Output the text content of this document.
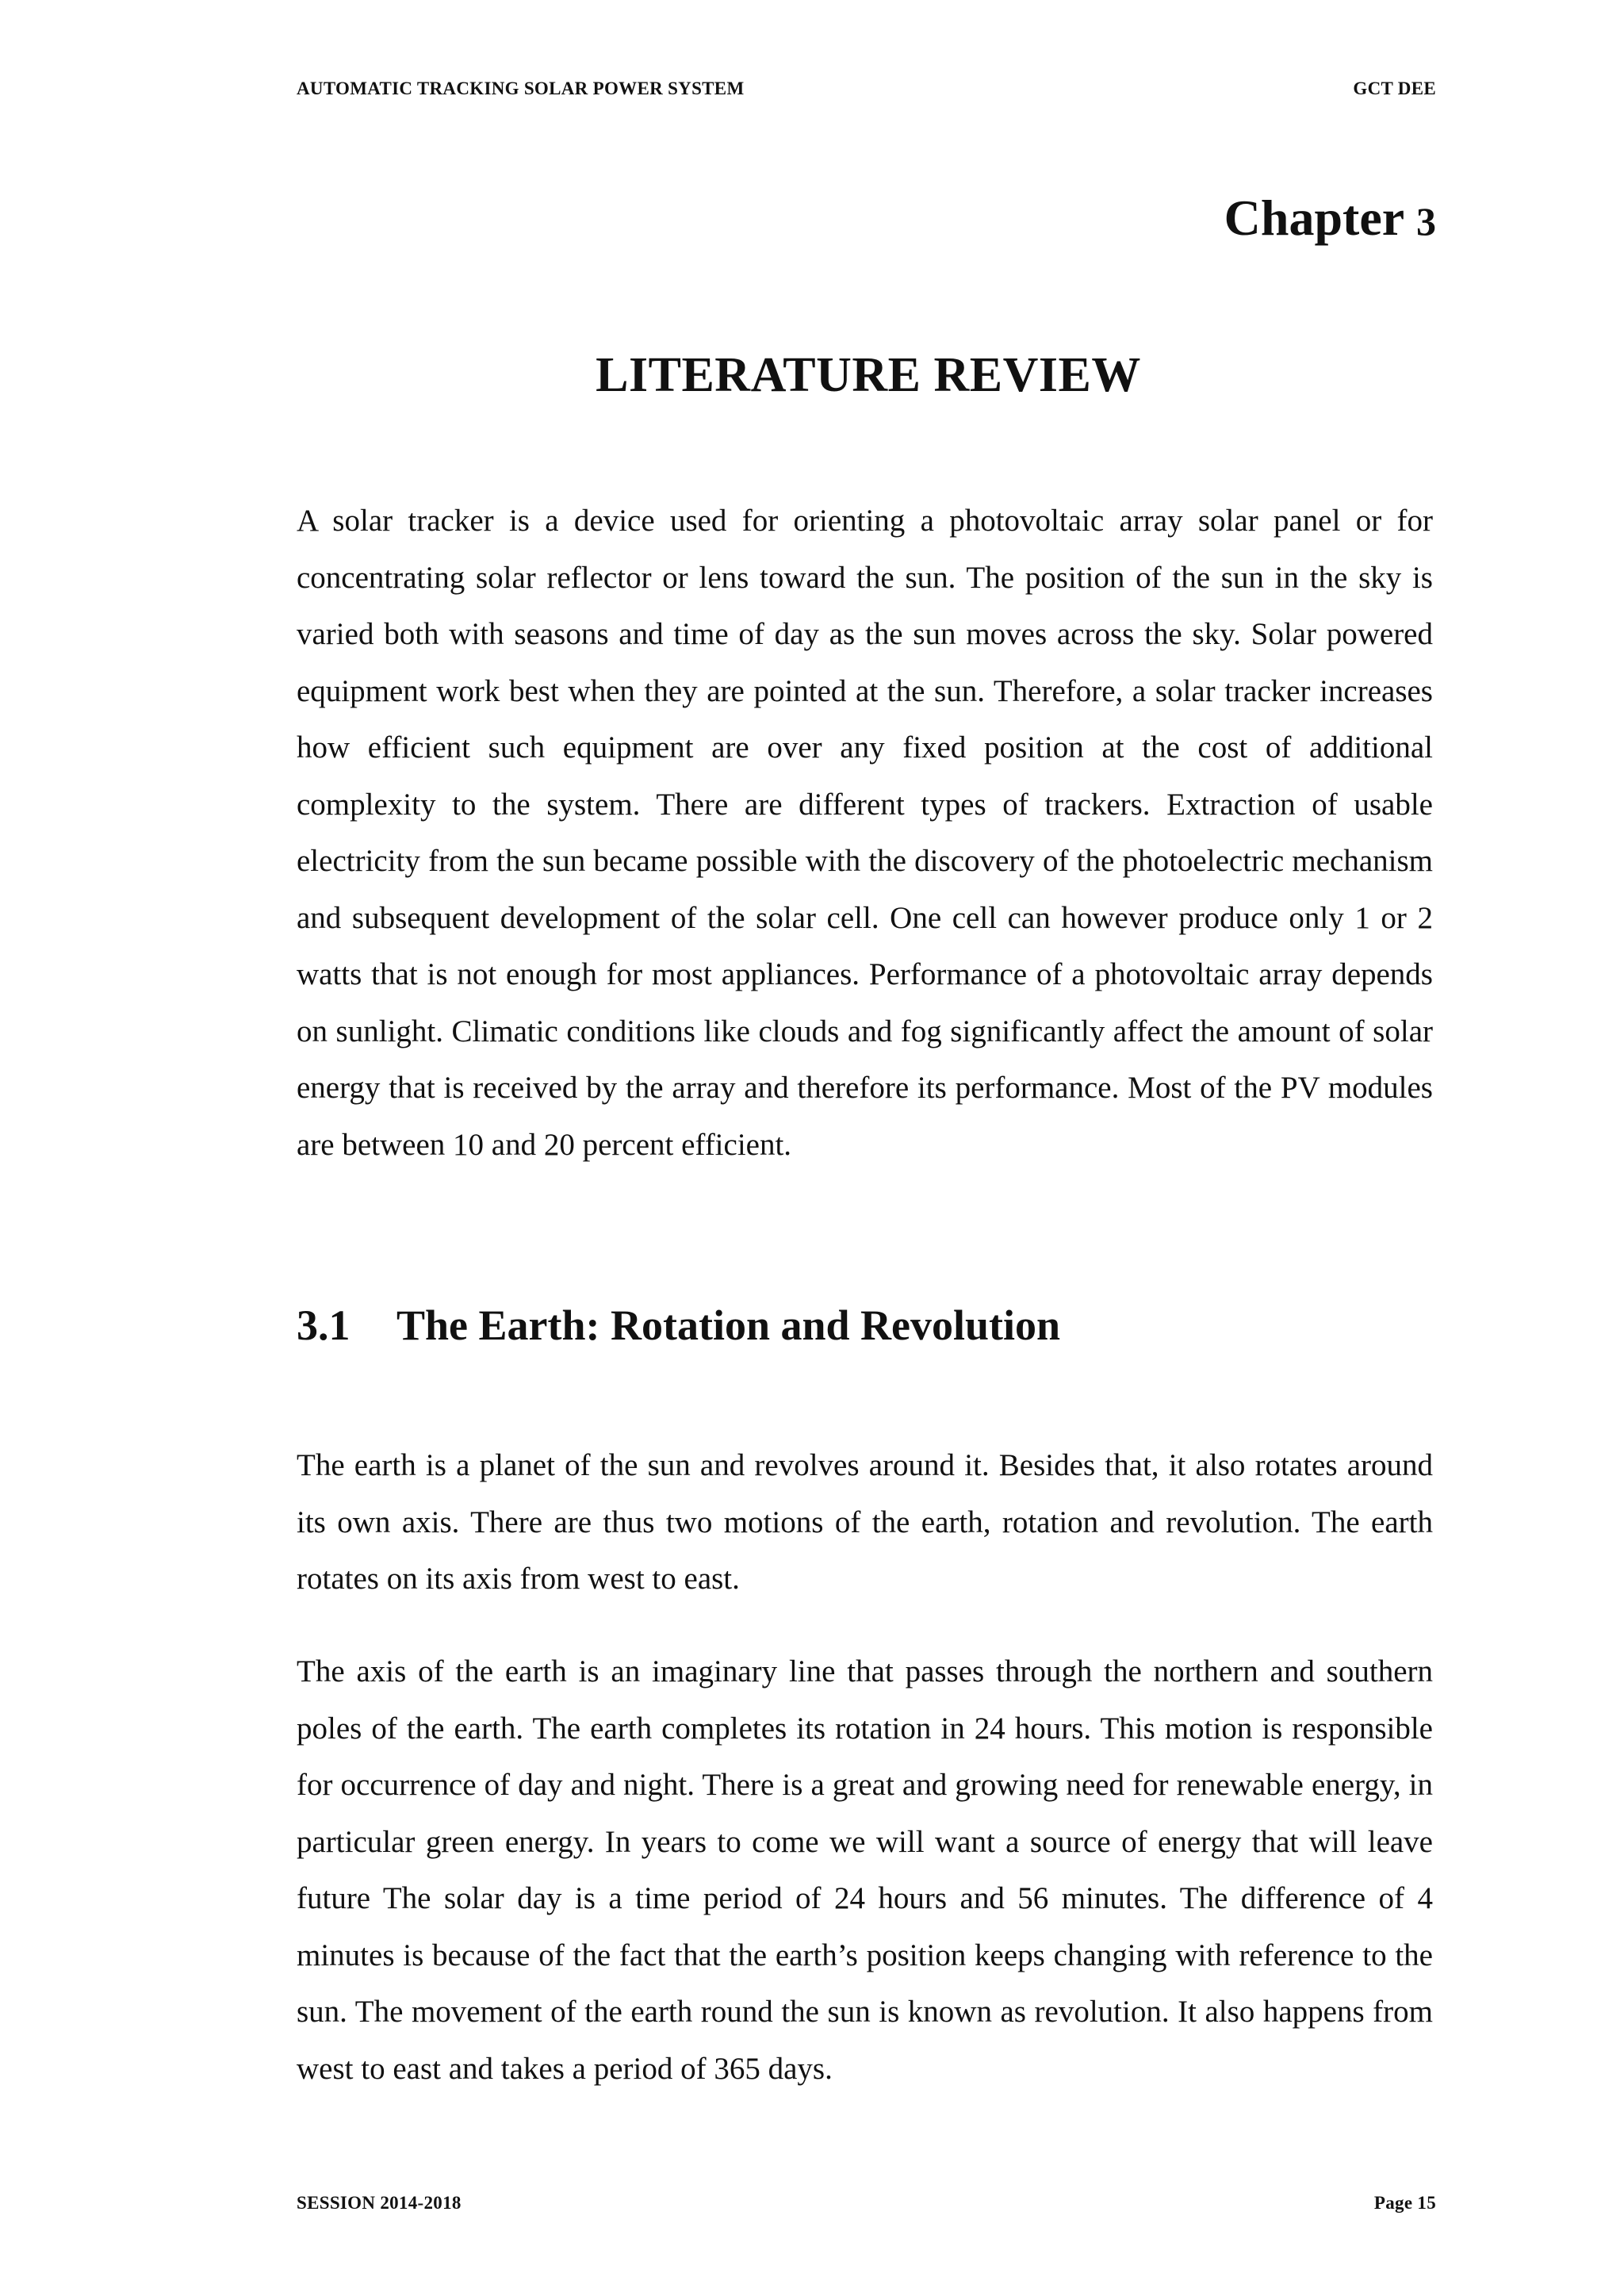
AUTOMATIC TRACKING SOLAR POWER SYSTEM	GCT DEE
Chapter 3
LITERATURE REVIEW

A solar tracker is a device used for orienting a photovoltaic array solar panel or for concentrating solar reflector or lens toward the sun. The position of the sun in the sky is varied both with seasons and time of day as the sun moves across the sky. Solar powered equipment work best when they are pointed at the sun. Therefore, a solar tracker increases how efficient such equipment are over any fixed position at the cost of additional complexity to the system. There are different types of trackers. Extraction of usable electricity from the sun became possible with the discovery of the photoelectric mechanism and subsequent development of the solar cell. One cell can however produce only 1 or 2 watts that is not enough for most appliances. Performance of a photovoltaic array depends on sunlight. Climatic conditions like clouds and fog significantly affect the amount of solar energy that is received by the array and therefore its performance. Most of the PV modules are between 10 and 20 percent efficient.

3.1 The Earth: Rotation and Revolution

The earth is a planet of the sun and revolves around it. Besides that, it also rotates around its own axis. There are thus two motions of the earth, rotation and revolution. The earth rotates on its axis from west to east.

The axis of the earth is an imaginary line that passes through the northern and southern poles of the earth. The earth completes its rotation in 24 hours. This motion is responsible for occurrence of day and night. There is a great and growing need for renewable energy, in particular green energy. In years to come we will want a source of energy that will leave future The solar day is a time period of 24 hours and 56 minutes. The difference of 4 minutes is because of the fact that the earth’s position keeps changing with reference to the sun. The movement of the earth round the sun is known as revolution. It also happens from west to east and takes a period of 365 days.

SESSION 2014-2018	Page 15
